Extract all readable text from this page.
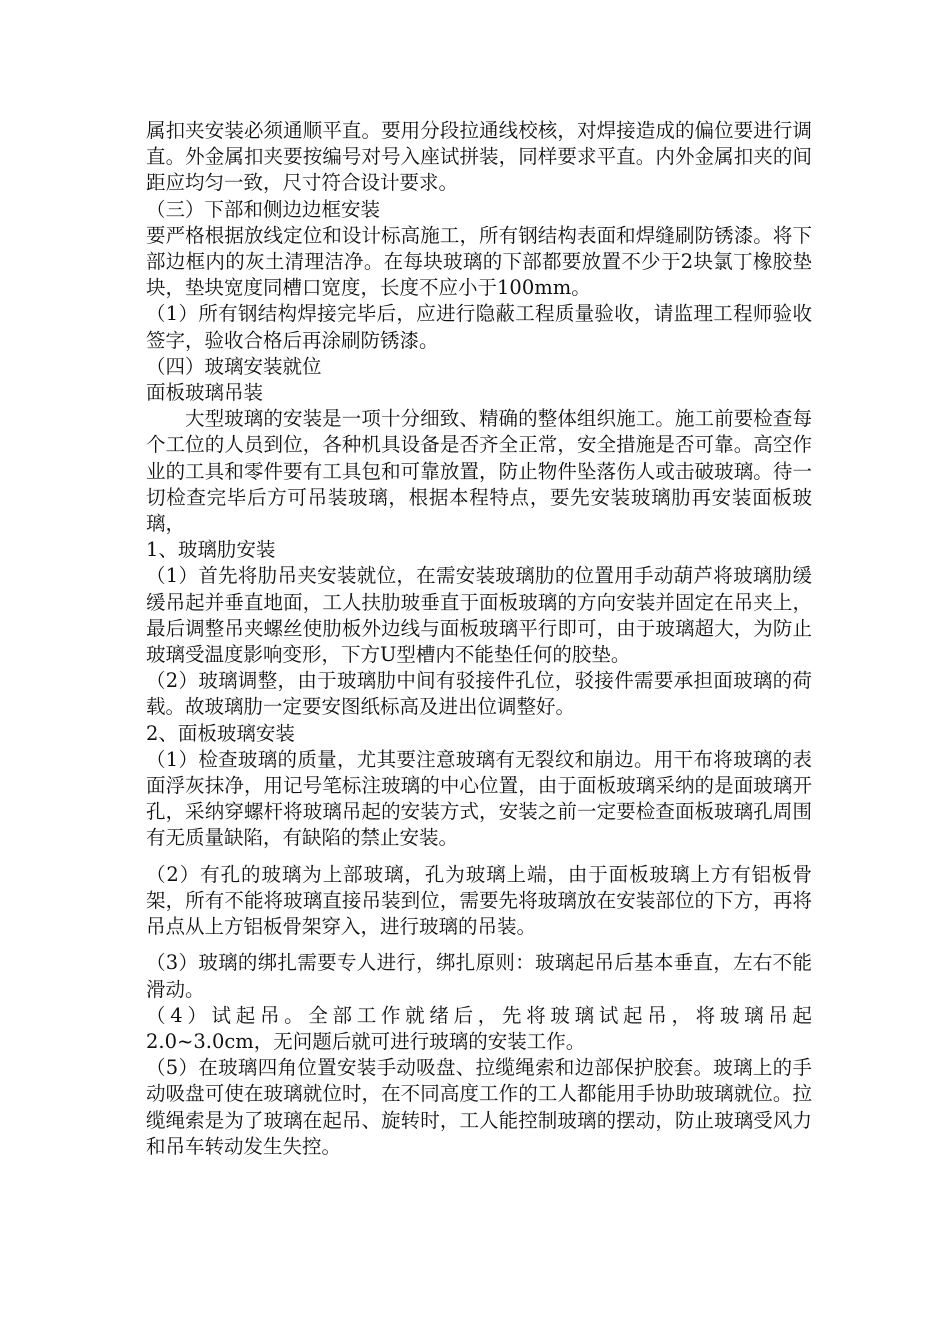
属扣夹安装必须通顺平直。要用分段拉通线校核，对焊接造成的偏位要进行调直。外金属扣夹要按编号对号入座试拼装，同样要求平直。内外金属扣夹的间距应均匀一致，尺寸符合设计要求。

（三）下部和侧边边框安装

要严格根据放线定位和设计标高施工，所有钢结构表面和焊缝刷防锈漆。将下部边框内的灰土清理洁净。在每块玻璃的下部都要放置不少于2块氯丁橡胶垫块，垫块宽度同槽口宽度，长度不应小于100mm。

（1）所有钢结构焊接完毕后，应进行隐蔽工程质量验收，请监理工程师验收签字，验收合格后再涂刷防锈漆。

（四）玻璃安装就位

面板玻璃吊装

大型玻璃的安装是一项十分细致、精确的整体组织施工。施工前要检查每个工位的人员到位，各种机具设备是否齐全正常，安全措施是否可靠。高空作业的工具和零件要有工具包和可靠放置，防止物件坠落伤人或击破玻璃。待一切检查完毕后方可吊装玻璃，根据本程特点，要先安装玻璃肋再安装面板玻璃，

1、玻璃肋安装

（1）首先将肋吊夹安装就位，在需安装玻璃肋的位置用手动葫芦将玻璃肋缓缓吊起并垂直地面，工人扶肋玻垂直于面板玻璃的方向安装并固定在吊夹上，最后调整吊夹螺丝使肋板外边线与面板玻璃平行即可，由于玻璃超大，为防止玻璃受温度影响变形，下方U型槽内不能垫任何的胶垫。

（2）玻璃调整，由于玻璃肋中间有驳接件孔位，驳接件需要承担面玻璃的荷载。故玻璃肋一定要安图纸标高及进出位调整好。

2、面板玻璃安装

（1）检查玻璃的质量，尤其要注意玻璃有无裂纹和崩边。用干布将玻璃的表面浮灰抹净，用记号笔标注玻璃的中心位置，由于面板玻璃采纳的是面玻璃开孔，采纳穿螺杆将玻璃吊起的安装方式，安装之前一定要检查面板玻璃孔周围有无质量缺陷，有缺陷的禁止安装。

（2）有孔的玻璃为上部玻璃，孔为玻璃上端，由于面板玻璃上方有铝板骨架，所有不能将玻璃直接吊装到位，需要先将玻璃放在安装部位的下方，再将吊点从上方铝板骨架穿入，进行玻璃的吊装。

（3）玻璃的绑扎需要专人进行，绑扎原则：玻璃起吊后基本垂直，左右不能滑动。

（4）试起吊。全部工作就绪后，先将玻璃试起吊，将玻璃吊起2.0~3.0cm，无问题后就可进行玻璃的安装工作。

（5）在玻璃四角位置安装手动吸盘、拉缆绳索和边部保护胶套。玻璃上的手动吸盘可使在玻璃就位时，在不同高度工作的工人都能用手协助玻璃就位。拉缆绳索是为了玻璃在起吊、旋转时，工人能控制玻璃的摆动，防止玻璃受风力和吊车转动发生失控。
